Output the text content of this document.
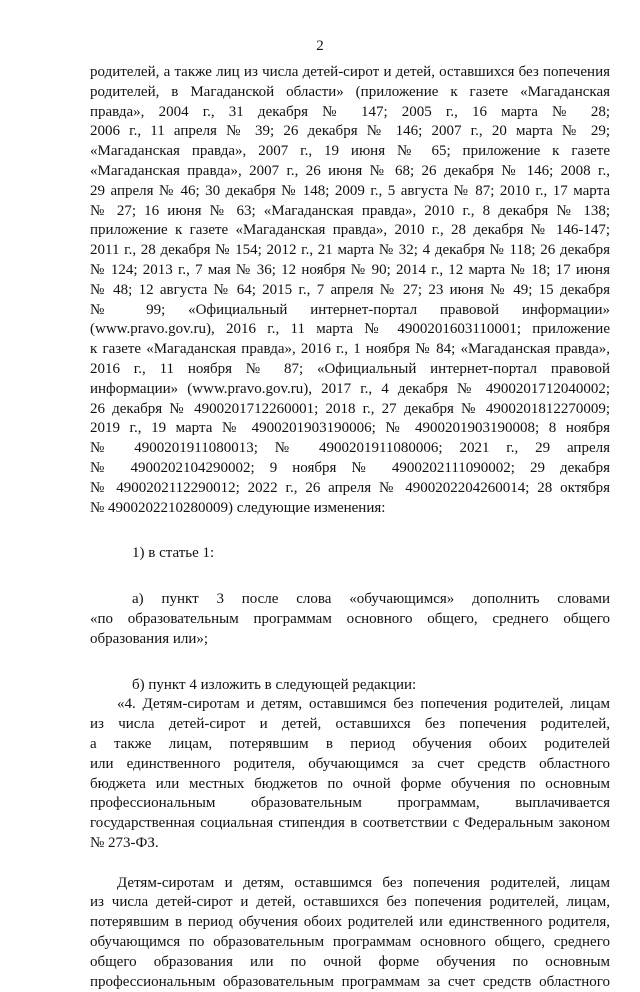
2
родителей, а также лиц из числа детей-сирот и детей, оставшихся без попечения
родителей, в Магаданской области» (приложение к газете «Магаданская
правда», 2004 г., 31 декабря № 147; 2005 г., 16 марта № 28;
2006 г., 11 апреля № 39; 26 декабря № 146; 2007 г., 20 марта № 29;
«Магаданская правда», 2007 г., 19 июня № 65; приложение к газете
«Магаданская правда», 2007 г., 26 июня № 68; 26 декабря № 146; 2008 г.,
29 апреля № 46; 30 декабря № 148; 2009 г., 5 августа № 87; 2010 г., 17 марта
№ 27; 16 июня № 63; «Магаданская правда», 2010 г., 8 декабря № 138;
приложение к газете «Магаданская правда», 2010 г., 28 декабря № 146-147;
2011 г., 28 декабря № 154; 2012 г., 21 марта № 32; 4 декабря № 118; 26 декабря
№ 124; 2013 г., 7 мая № 36; 12 ноября № 90; 2014 г., 12 марта № 18; 17 июня
№ 48; 12 августа № 64; 2015 г., 7 апреля № 27; 23 июня № 49; 15 декабря
№ 99; «Официальный интернет-портал правовой информации»
(www.pravo.gov.ru), 2016 г., 11 марта № 4900201603110001; приложение
к газете «Магаданская правда», 2016 г., 1 ноября № 84; «Магаданская правда»,
2016 г., 11 ноября № 87; «Официальный интернет-портал правовой
информации» (www.pravo.gov.ru), 2017 г., 4 декабря № 4900201712040002;
26 декабря № 4900201712260001; 2018 г., 27 декабря № 4900201812270009;
2019 г., 19 марта № 4900201903190006; № 4900201903190008; 8 ноября
№ 4900201911080013; № 4900201911080006; 2021 г., 29 апреля
№ 4900202104290002; 9 ноября № 4900202111090002; 29 декабря
№ 4900202112290012; 2022 г., 26 апреля № 4900202204260014; 28 октября
№ 4900202210280009) следующие изменения:
1) в статье 1:
а) пункт 3 после слова «обучающимся» дополнить словами
«по образовательным программам основного общего, среднего общего
образования или»;
б) пункт 4 изложить в следующей редакции:
«4. Детям-сиротам и детям, оставшимся без попечения родителей, лицам
из числа детей-сирот и детей, оставшихся без попечения родителей,
а также лицам, потерявшим в период обучения обоих родителей
или единственного родителя, обучающимся за счет средств областного
бюджета или местных бюджетов по очной форме обучения по основным
профессиональным образовательным программам, выплачивается
государственная социальная стипендия в соответствии с Федеральным законом
№ 273-ФЗ.
Детям-сиротам и детям, оставшимся без попечения родителей, лицам
из числа детей-сирот и детей, оставшихся без попечения родителей, лицам,
потерявшим в период обучения обоих родителей или единственного родителя,
обучающимся по образовательным программам основного общего, среднего
общего образования или по очной форме обучения по основным
профессиональным образовательным программам за счет средств областного
